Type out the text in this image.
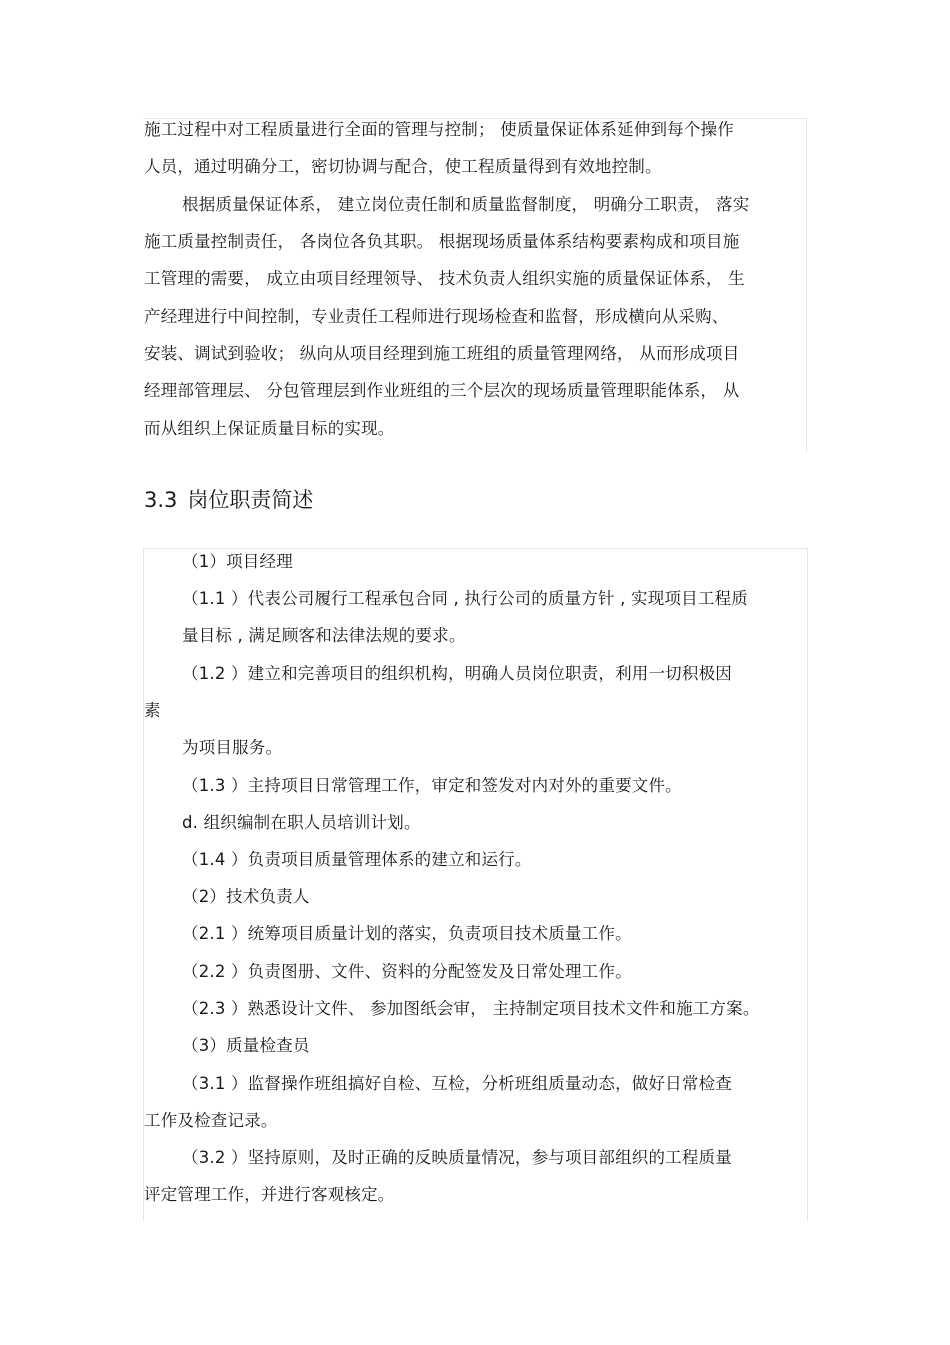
施工过程中对工程质量进行全面的管理与控制； 使质量保证体系延伸到每个操作
人员，通过明确分工，密切协调与配合，使工程质量得到有效地控制。
根据质量保证体系， 建立岗位责任制和质量监督制度， 明确分工职责， 落实
施工质量控制责任， 各岗位各负其职。 根据现场质量体系结构要素构成和项目施
工管理的需要， 成立由项目经理领导、 技术负责人组织实施的质量保证体系， 生
产经理进行中间控制，专业责任工程师进行现场检查和监督，形成横向从采购、
安装、调试到验收； 纵向从项目经理到施工班组的质量管理网络， 从而形成项目
经理部管理层、 分包管理层到作业班组的三个层次的现场质量管理职能体系， 从
而从组织上保证质量目标的实现。
3.3 岗位职责简述
（1）项目经理
（1.1 ）代表公司履行工程承包合同 , 执行公司的质量方针 , 实现项目工程质
量目标 , 满足顾客和法律法规的要求。
（1.2 ）建立和完善项目的组织机构，明确人员岗位职责，利用一切积极因
素
为项目服务。
（1.3 ）主持项目日常管理工作，审定和签发对内对外的重要文件。
d. 组织编制在职人员培训计划。
（1.4 ）负责项目质量管理体系的建立和运行。
（2）技术负责人
（2.1 ）统筹项目质量计划的落实，负责项目技术质量工作。
（2.2 ）负责图册、文件、资料的分配签发及日常处理工作。
（2.3 ）熟悉设计文件、 参加图纸会审， 主持制定项目技术文件和施工方案。
（3）质量检查员
（3.1 ）监督操作班组搞好自检、互检，分析班组质量动态，做好日常检查
工作及检查记录。
（3.2 ）坚持原则，及时正确的反映质量情况，参与项目部组织的工程质量
评定管理工作，并进行客观核定。
